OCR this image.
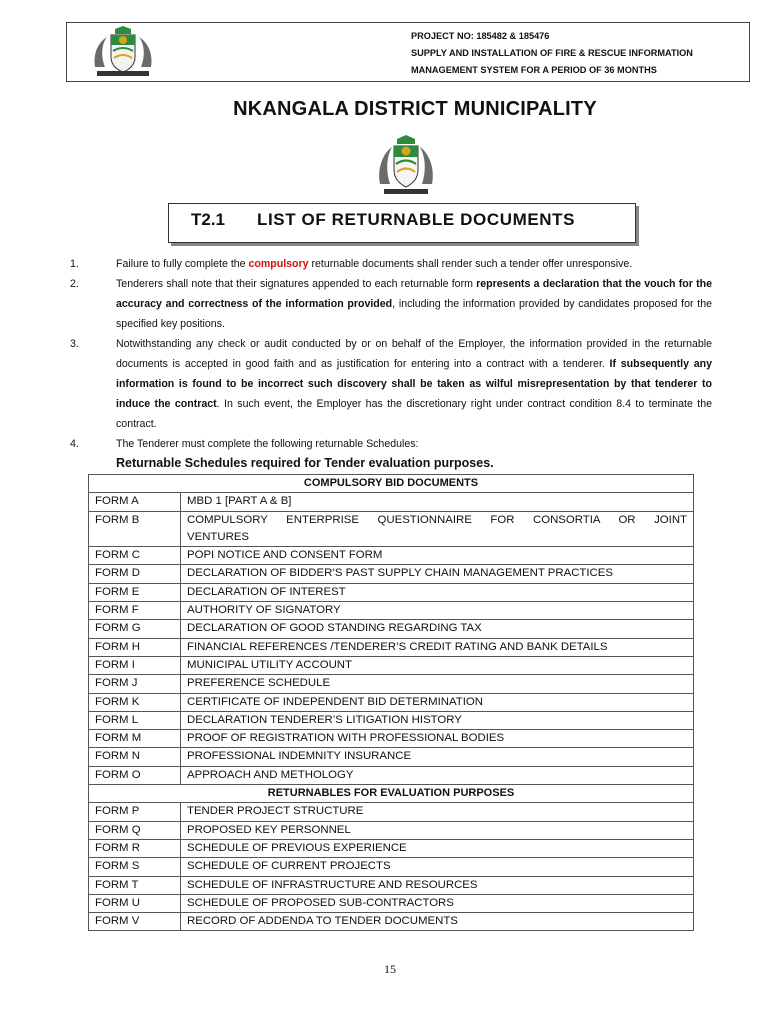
PROJECT NO: 185482 & 185476
SUPPLY AND INSTALLATION OF FIRE & RESCUE INFORMATION
MANAGEMENT SYSTEM FOR A PERIOD OF 36 MONTHS
NKANGALA DISTRICT MUNICIPALITY
T2.1 LIST OF RETURNABLE DOCUMENTS
1.	Failure to fully complete the compulsory returnable documents shall render such a tender offer unresponsive.
2.	Tenderers shall note that their signatures appended to each returnable form represents a declaration that the vouch for the accuracy and correctness of the information provided, including the information provided by candidates proposed for the specified key positions.
3.	Notwithstanding any check or audit conducted by or on behalf of the Employer, the information provided in the returnable documents is accepted in good faith and as justification for entering into a contract with a tenderer. If subsequently any information is found to be incorrect such discovery shall be taken as wilful misrepresentation by that tenderer to induce the contract. In such event, the Employer has the discretionary right under contract condition 8.4 to terminate the contract.
4.	The Tenderer must complete the following returnable Schedules:
Returnable Schedules required for Tender evaluation purposes.
COMPULSORY BID DOCUMENTS	
FORM A	MBD 1 [PART A & B]
FORM B	COMPULSORY ENTERPRISE QUESTIONNAIRE FOR CONSORTIA OR JOINT
VENTURES

FORM C	POPI NOTICE AND CONSENT FORM
FORM D	DECLARATION OF BIDDER’S PAST SUPPLY CHAIN MANAGEMENT PRACTICES
FORM E	DECLARATION OF INTEREST
FORM F	AUTHORITY OF SIGNATORY
FORM G	DECLARATION OF GOOD STANDING REGARDING TAX
FORM H	FINANCIAL REFERENCES /TENDERER’S CREDIT RATING AND BANK DETAILS
FORM I	MUNICIPAL UTILITY ACCOUNT
FORM J	PREFERENCE SCHEDULE
FORM K	CERTIFICATE OF INDEPENDENT BID DETERMINATION
FORM L	DECLARATION TENDERER’S LITIGATION HISTORY
FORM M	PROOF OF REGISTRATION WITH PROFESSIONAL BODIES
FORM N	PROFESSIONAL INDEMNITY INSURANCE
FORM O	APPROACH AND METHOLOGY
RETURNABLES FOR EVALUATION PURPOSES	
FORM P	TENDER PROJECT STRUCTURE
FORM Q	PROPOSED KEY PERSONNEL
FORM R	SCHEDULE OF PREVIOUS EXPERIENCE
FORM S	SCHEDULE OF CURRENT PROJECTS
FORM T	SCHEDULE OF INFRASTRUCTURE AND RESOURCES
FORM U	SCHEDULE OF PROPOSED SUB-CONTRACTORS
FORM V	RECORD OF ADDENDA TO TENDER DOCUMENTS
15
